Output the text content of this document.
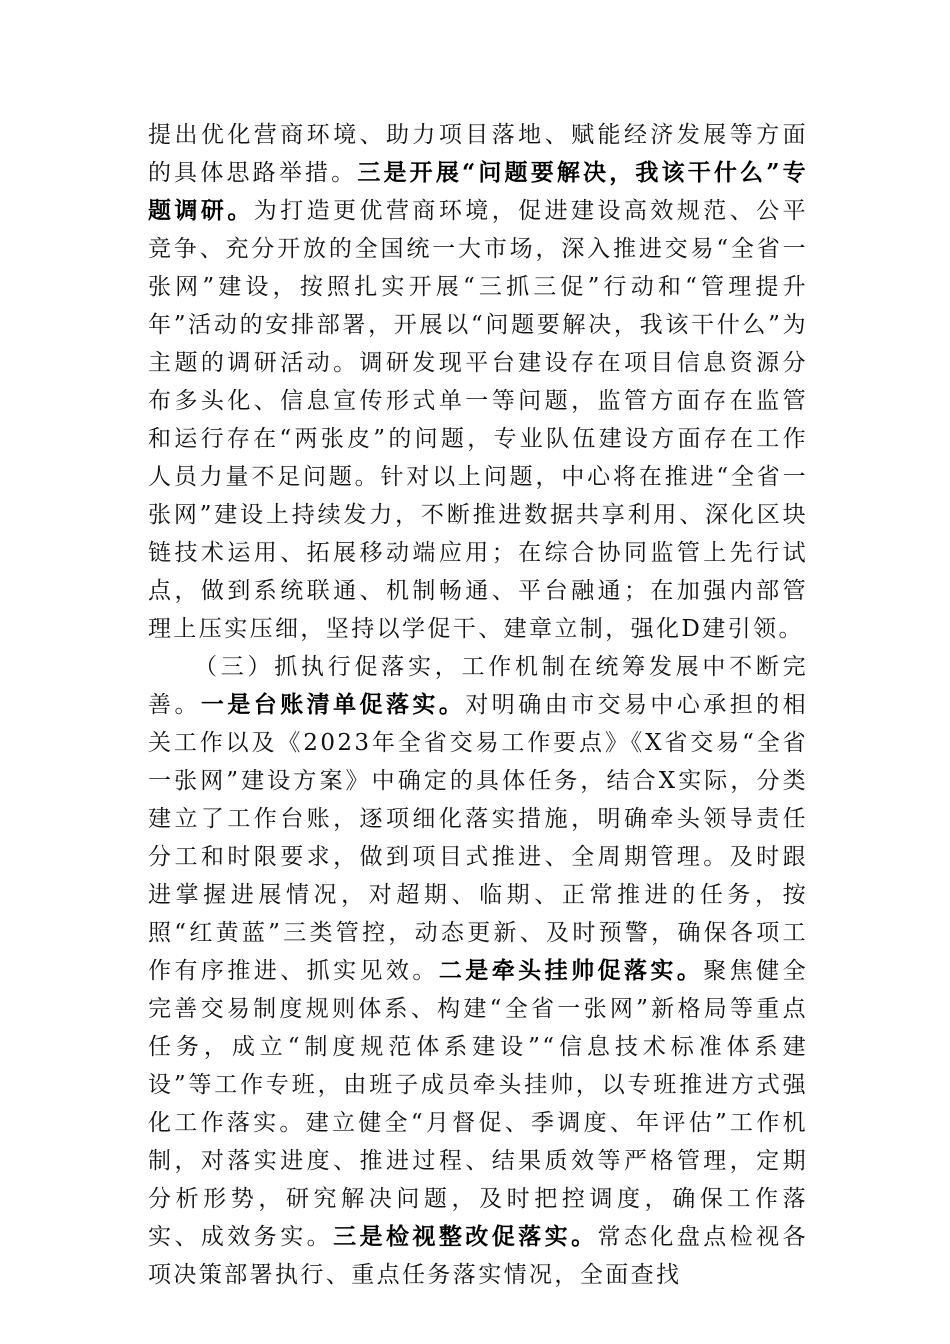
提出优化营商环境、助力项目落地、赋能经济发展等方面的具体思路举措。三是开展“问题要解决，我该干什么”专题调研。为打造更优营商环境，促进建设高效规范、公平竞争、充分开放的全国统一大市场，深入推进交易“全省一张网”建设，按照扎实开展“三抓三促”行动和“管理提升年”活动的安排部署，开展以“问题要解决，我该干什么”为主题的调研活动。调研发现平台建设存在项目信息资源分布多头化、信息宣传形式单一等问题，监管方面存在监管和运行存在“两张皮”的问题，专业队伍建设方面存在工作人员力量不足问题。针对以上问题，中心将在推进“全省一张网”建设上持续发力，不断推进数据共享利用、深化区块链技术运用、拓展移动端应用；在综合协同监管上先行试点，做到系统联通、机制畅通、平台融通；在加强内部管理上压实压细，坚持以学促干、建章立制，强化D建引领。

（三）抓执行促落实，工作机制在统筹发展中不断完善。一是台账清单促落实。对明确由市交易中心承担的相关工作以及《2023年全省交易工作要点》《X省交易“全省一张网”建设方案》中确定的具体任务，结合X实际，分类建立了工作台账，逐项细化落实措施，明确牵头领导责任分工和时限要求，做到项目式推进、全周期管理。及时跟进掌握进展情况，对超期、临期、正常推进的任务，按照“红黄蓝”三类管控，动态更新、及时预警，确保各项工作有序推进、抓实见效。二是牵头挂帅促落实。聚焦健全完善交易制度规则体系、构建“全省一张网”新格局等重点任务，成立“制度规范体系建设”“信息技术标准体系建设”等工作专班，由班子成员牵头挂帅，以专班推进方式强化工作落实。建立健全“月督促、季调度、年评估”工作机制，对落实进度、推进过程、结果质效等严格管理，定期分析形势，研究解决问题，及时把控调度，确保工作落实、成效务实。三是检视整改促落实。常态化盘点检视各项决策部署执行、重点任务落实情况，全面查找
